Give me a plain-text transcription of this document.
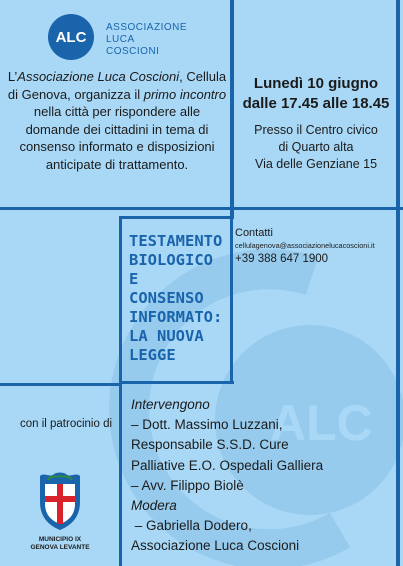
ALC
ALC
ASSOCIAZIONE
LUCA COSCIONI
L’Associazione Luca Coscioni, Cellula di Genova, organizza il primo incontro nella città per rispondere alle domande dei cittadini in tema di consenso informato e disposizioni anticipate di trattamento.
Lunedì 10 giugno
dalle 17.45 alle 18.45
Presso il Centro civico
di Quarto alta
Via delle Genziane 15
TESTAMENTO
BIOLOGICO E
CONSENSO
INFORMATO:
LA NUOVA
LEGGE
Contatti
cellulagenova@associazionelucacoscioni.it
+39 388 647 1900
Intervengono
– Dott. Massimo Luzzani,
Responsabile S.S.D. Cure
Palliative E.O. Ospedali Galliera
– Avv. Filippo Biolè
Modera
– Gabriella Dodero,
Associazione Luca Coscioni
con il patrocinio di
MUNICIPIO IX
GENOVA LEVANTE
